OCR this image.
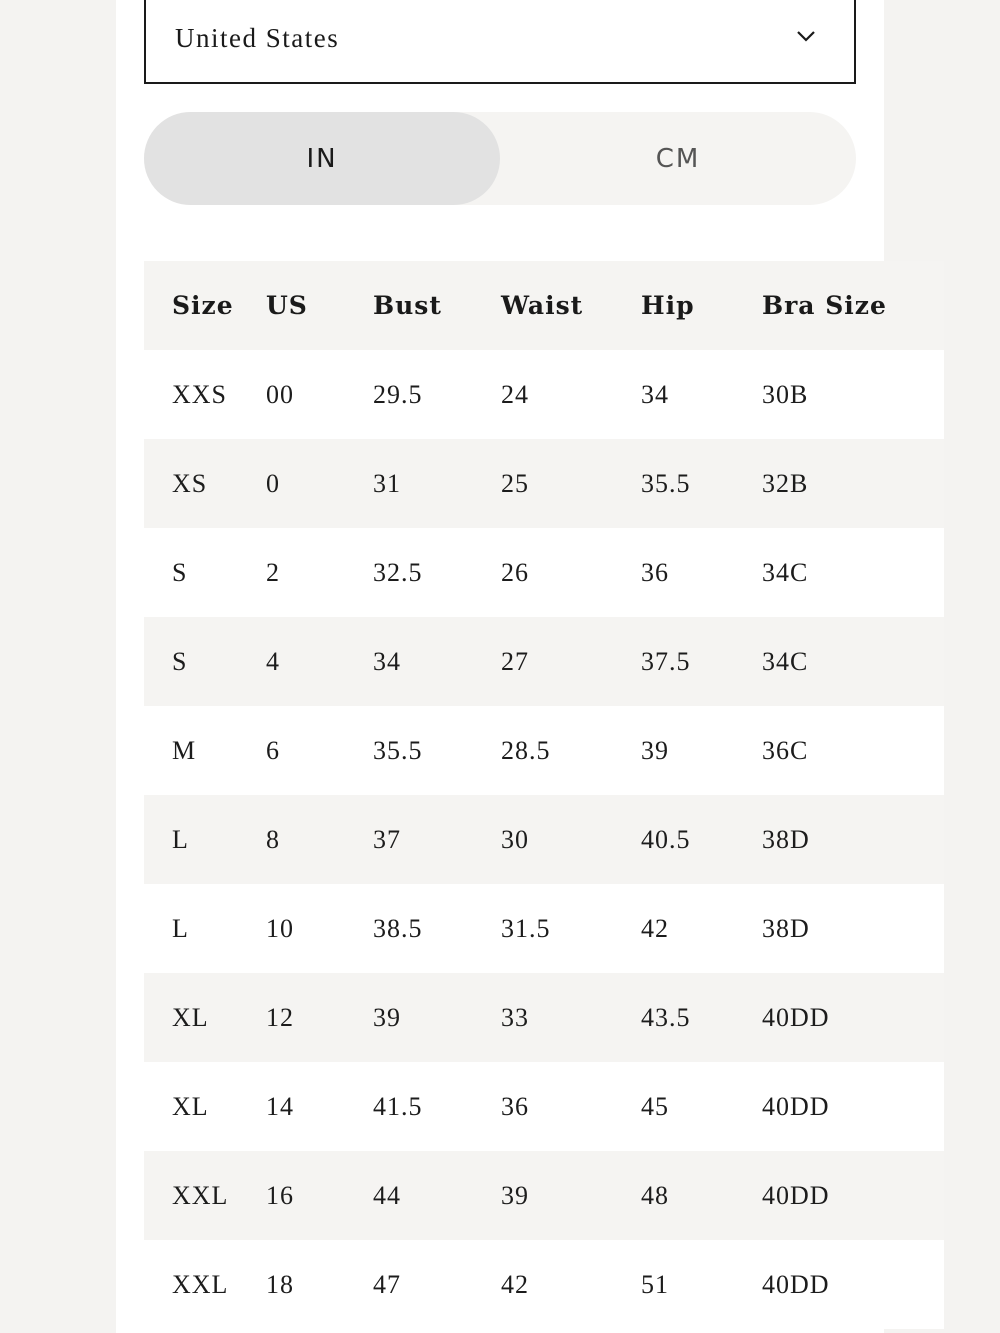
United States
IN	CM
Size	US	Bust	Waist	Hip	Bra Size
XXS	00	29.5	24	34	30B
XS	0	31	25	35.5	32B
S	2	32.5	26	36	34C
S	4	34	27	37.5	34C
M	6	35.5	28.5	39	36C
L	8	37	30	40.5	38D
L	10	38.5	31.5	42	38D
XL	12	39	33	43.5	40DD
XL	14	41.5	36	45	40DD
XXL	16	44	39	48	40DD
XXL	18	47	42	51	40DD
